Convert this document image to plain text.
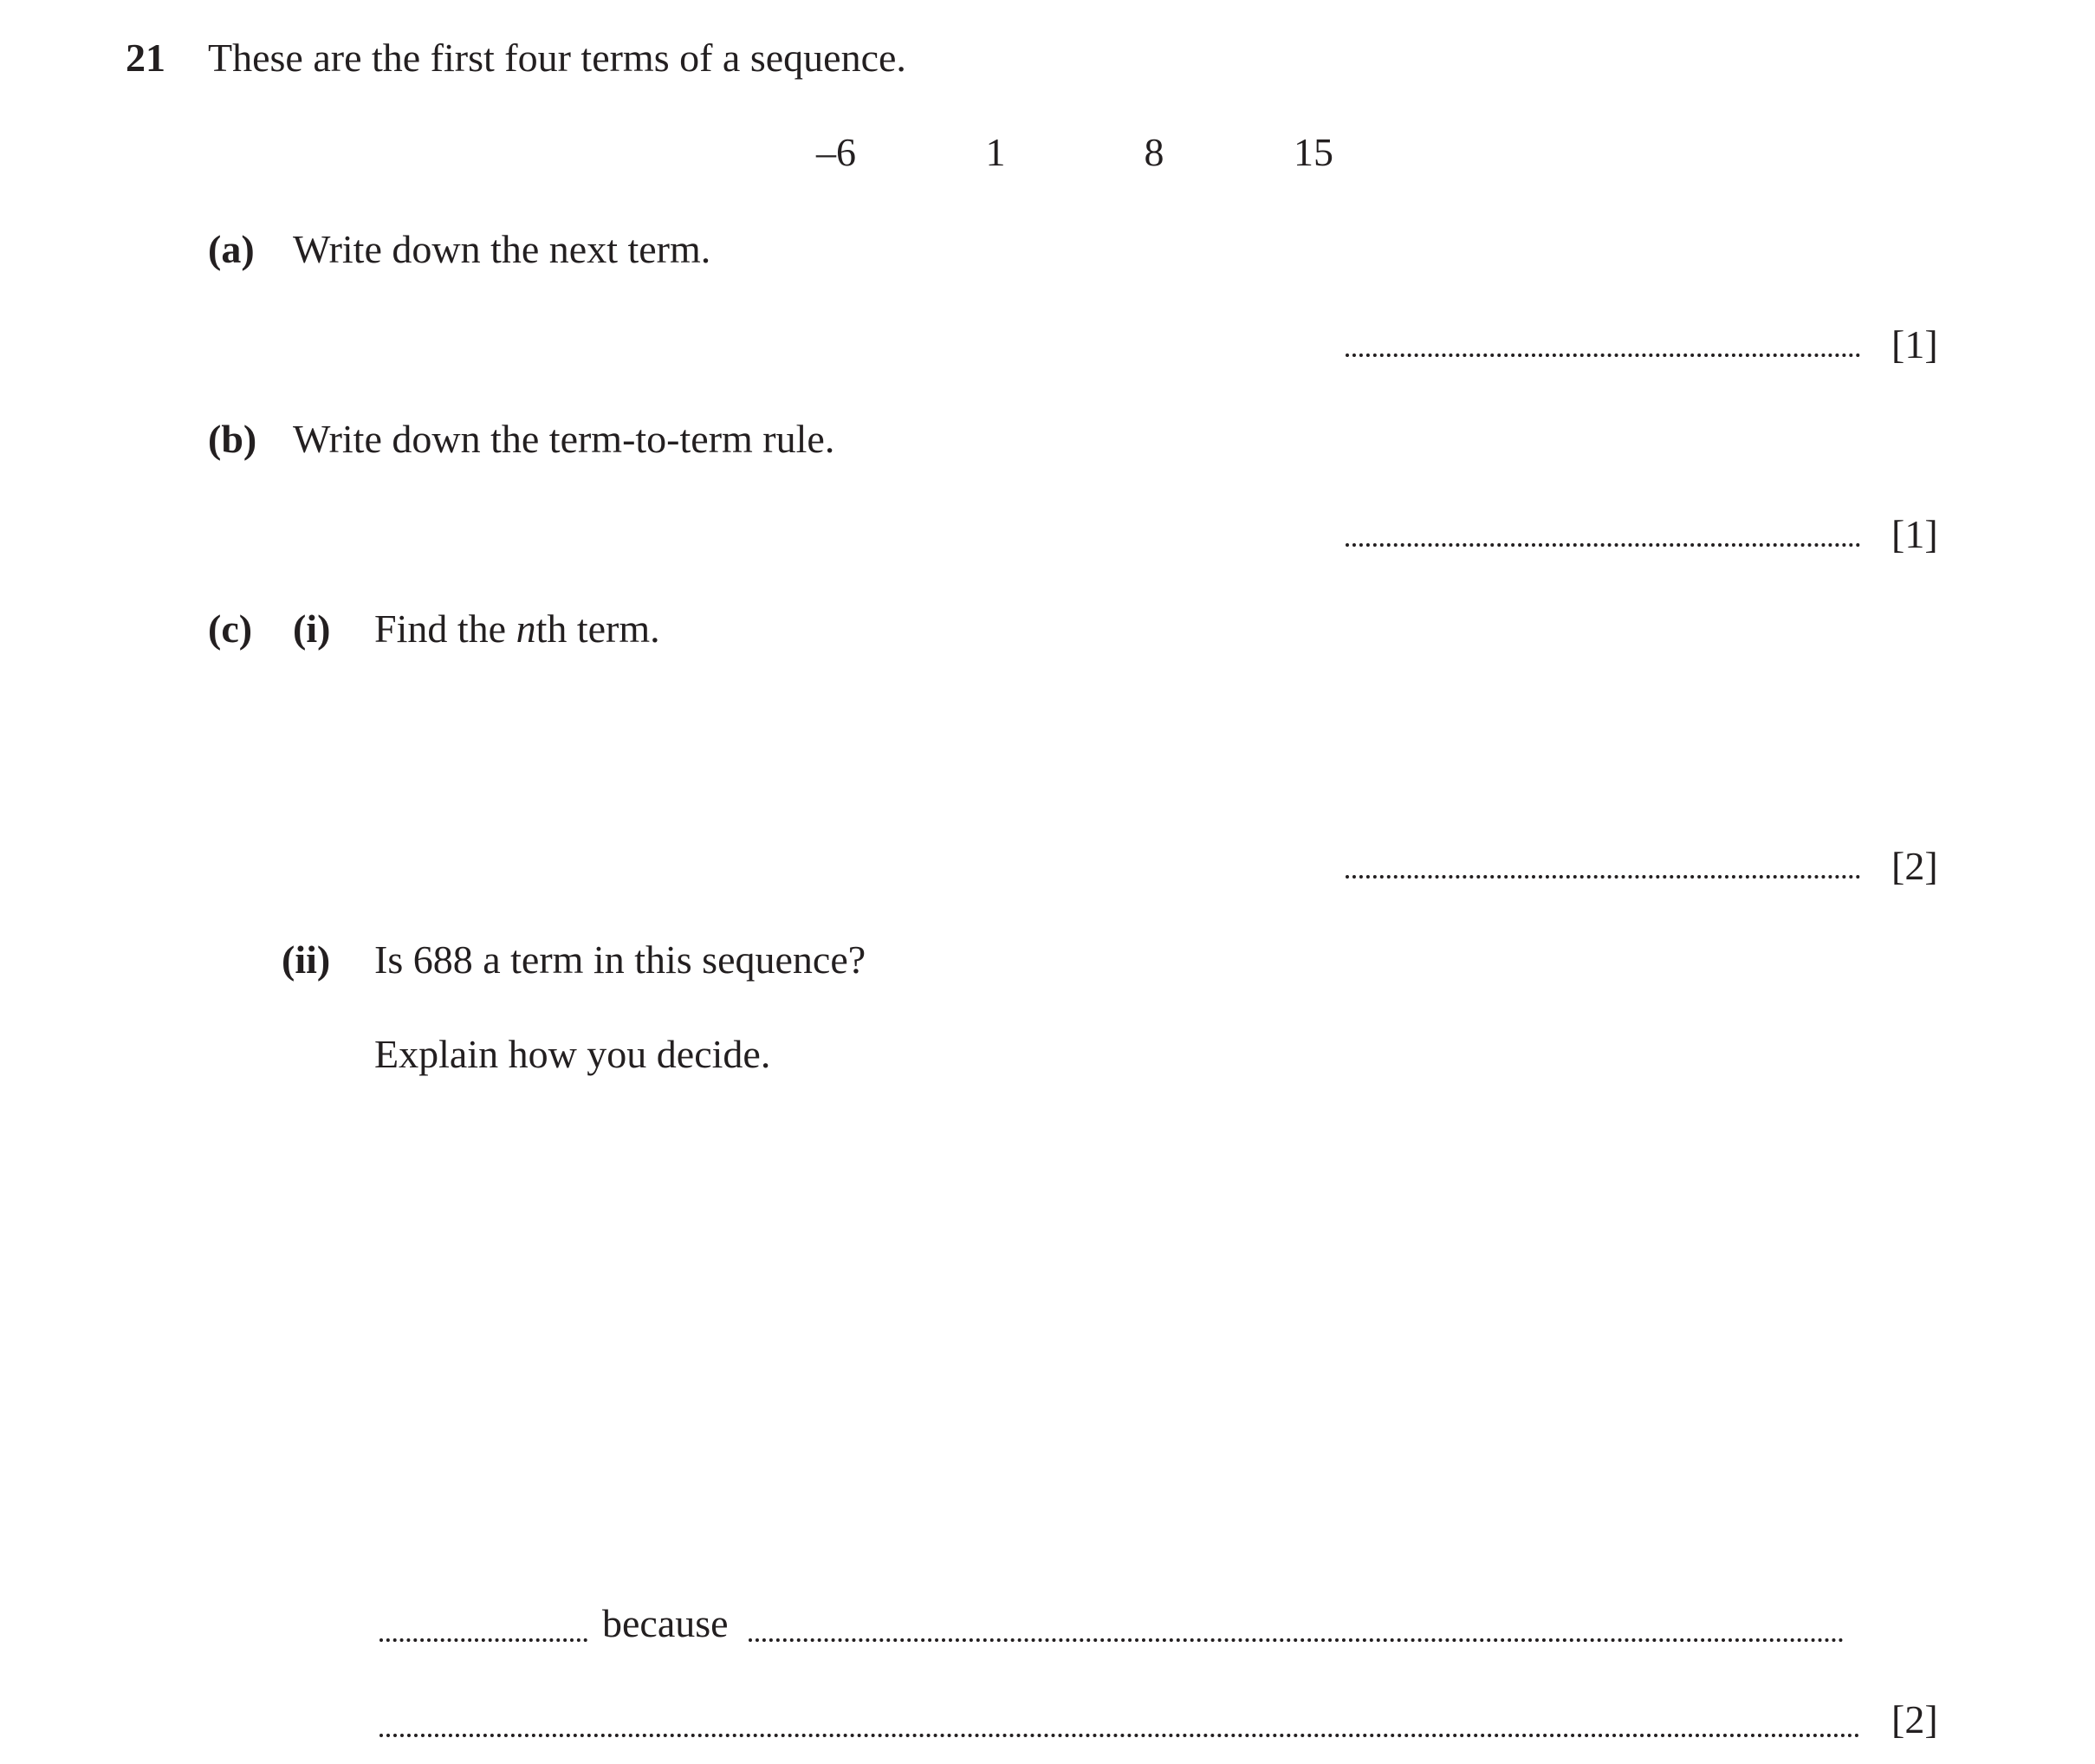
21 These are the first four terms of a sequence.
–6	1	8	15
(a) Write down the next term.
[1]
(b) Write down the term-to-term rule.
[1]
(c) (i) Find the nth term.
[2]
(ii) Is 688 a term in this sequence?
Explain how you decide.
because
[2]
